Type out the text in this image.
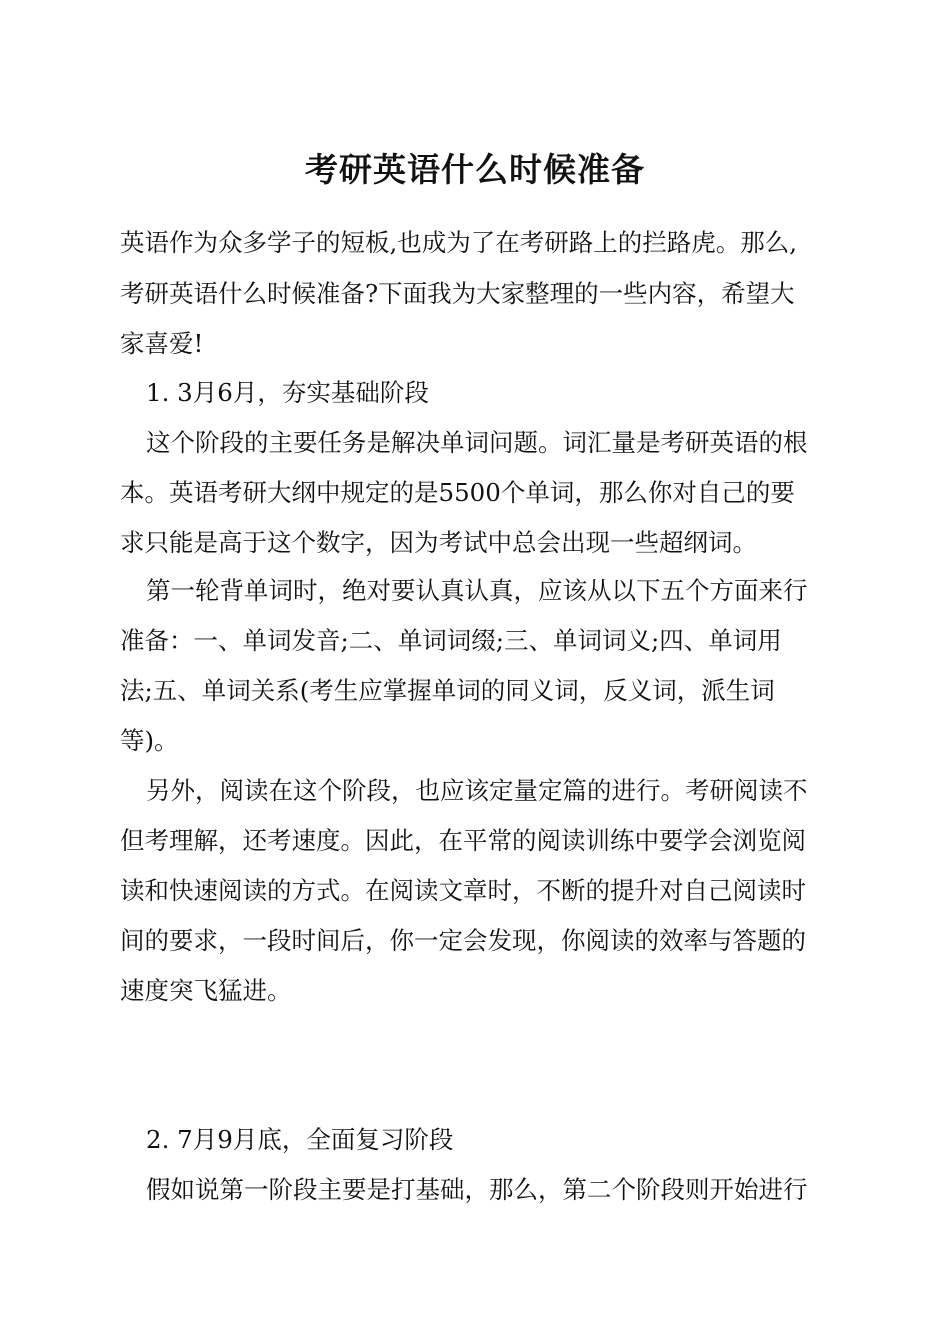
考研英语什么时候准备
英语作为众多学子的短板,也成为了在考研路上的拦路虎。那么,
考研英语什么时候准备?下面我为大家整理的一些内容，希望大
家喜爱!
1. 3月6月，夯实基础阶段
这个阶段的主要任务是解决单词问题。词汇量是考研英语的根
本。英语考研大纲中规定的是5500个单词，那么你对自己的要
求只能是高于这个数字，因为考试中总会出现一些超纲词。
第一轮背单词时，绝对要认真认真，应该从以下五个方面来行
准备：一、单词发音;二、单词词缀;三、单词词义;四、单词用
法;五、单词关系(考生应掌握单词的同义词，反义词，派生词
等)。
另外，阅读在这个阶段，也应该定量定篇的进行。考研阅读不
但考理解，还考速度。因此，在平常的阅读训练中要学会浏览阅
读和快速阅读的方式。在阅读文章时，不断的提升对自己阅读时
间的要求，一段时间后，你一定会发现，你阅读的效率与答题的
速度突飞猛进。
2. 7月9月底，全面复习阶段
假如说第一阶段主要是打基础，那么，第二个阶段则开始进行
